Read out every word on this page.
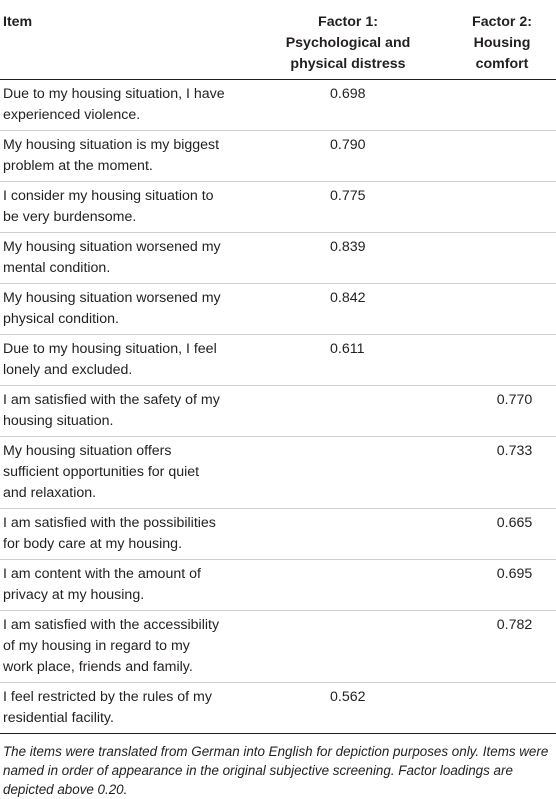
Item	Factor 1:
Psychological and
physical distress
Factor 2:
Housing
comfort
Due to my housing situation, I have
experienced violence.
0.698
My housing situation is my biggest
problem at the moment.
0.790
I consider my housing situation to
be very burdensome.
0.775
My housing situation worsened my
mental condition.
0.839
My housing situation worsened my
physical condition.
0.842
Due to my housing situation, I feel
lonely and excluded.
0.611
I am satisfied with the safety of my
housing situation.
0.770
My housing situation offers
sufficient opportunities for quiet
and relaxation.
0.733
I am satisfied with the possibilities
for body care at my housing.
0.665
I am content with the amount of
privacy at my housing.
0.695
I am satisfied with the accessibility
of my housing in regard to my
work place, friends and family.
0.782
I feel restricted by the rules of my
residential facility.
0.562
The items were translated from German into English for depiction purposes only. Items were named in order of appearance in the original subjective screening. Factor loadings are depicted above 0.20.
